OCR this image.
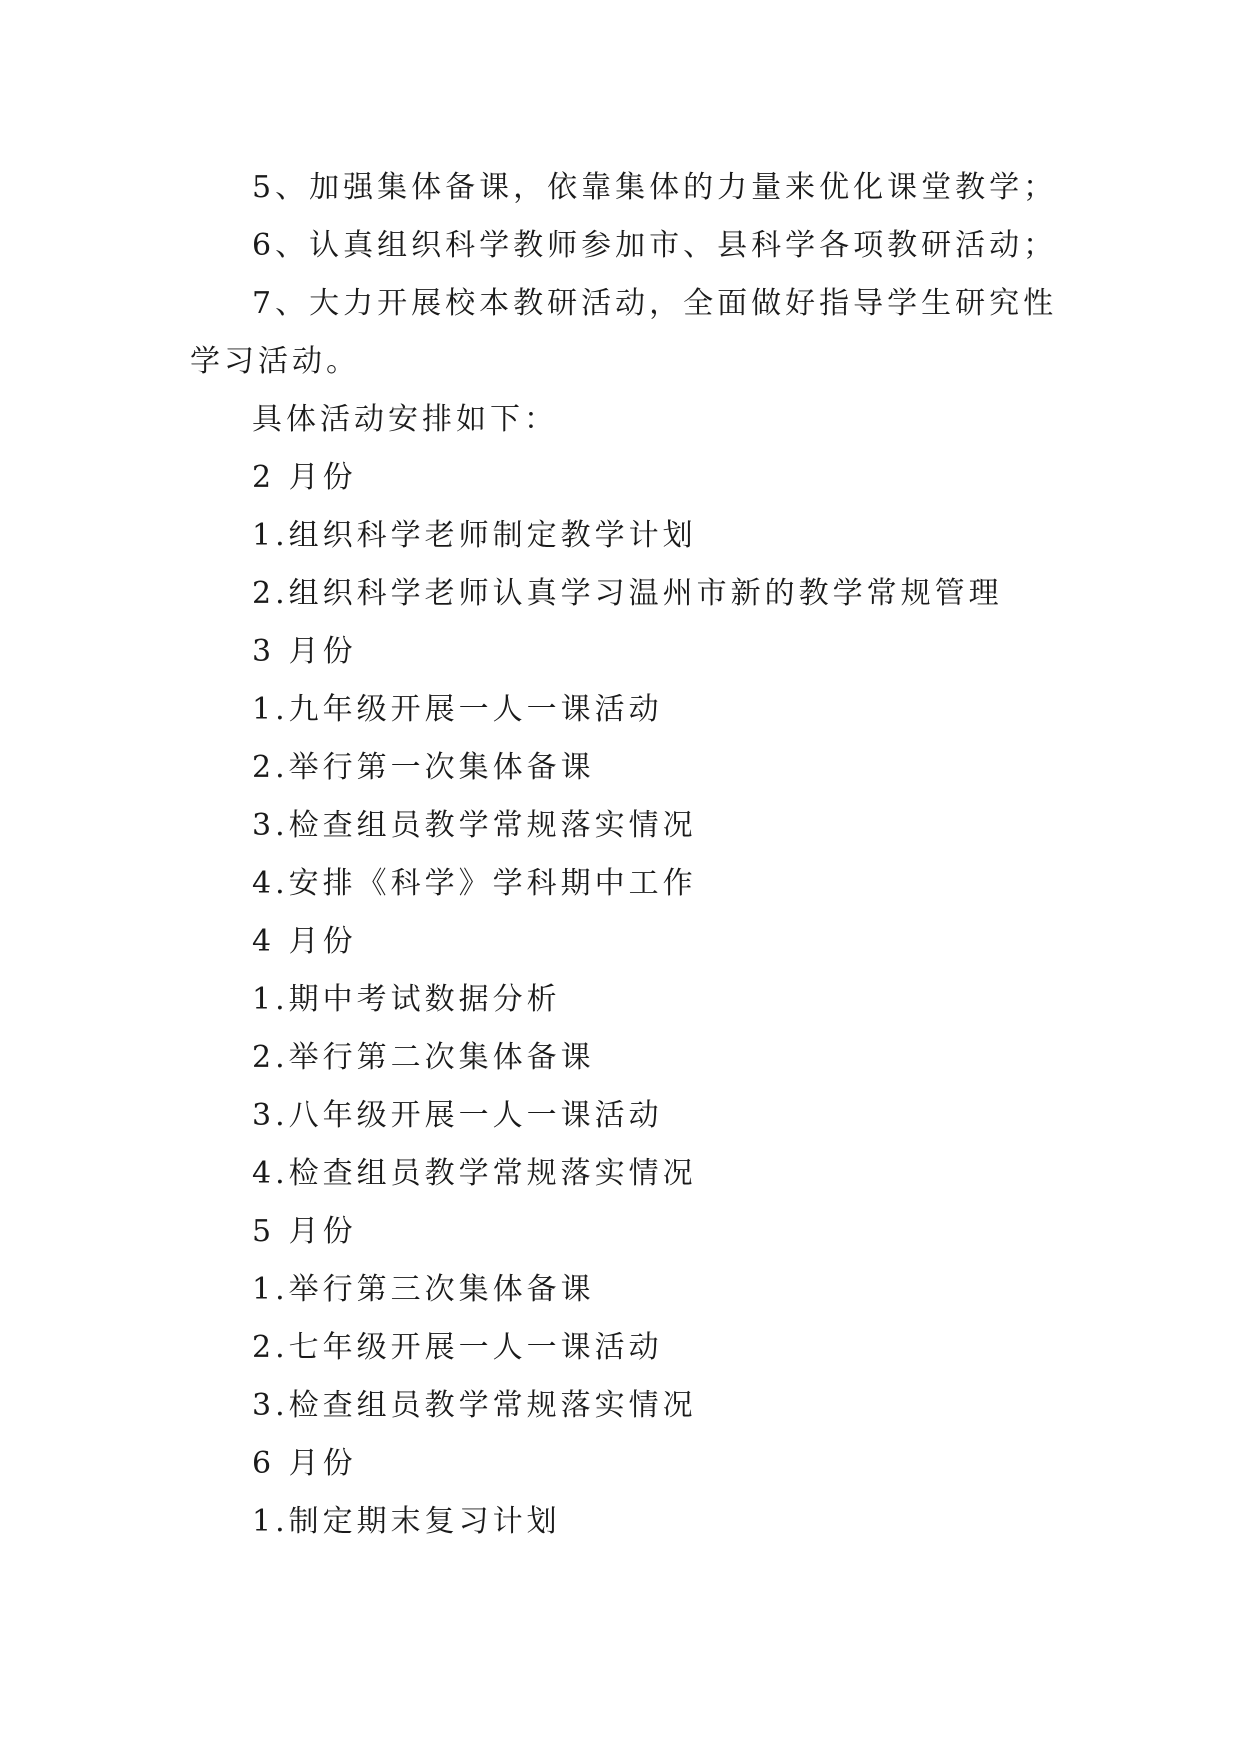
5、加强集体备课，依靠集体的力量来优化课堂教学；
6、认真组织科学教师参加市、县科学各项教研活动；
7、大力开展校本教研活动，全面做好指导学生研究性
学习活动。
具体活动安排如下：
2 月份
1.组织科学老师制定教学计划
2.组织科学老师认真学习温州市新的教学常规管理
3 月份
1.九年级开展一人一课活动
2.举行第一次集体备课
3.检查组员教学常规落实情况
4.安排《科学》学科期中工作
4 月份
1.期中考试数据分析
2.举行第二次集体备课
3.八年级开展一人一课活动
4.检查组员教学常规落实情况
5 月份
1.举行第三次集体备课
2.七年级开展一人一课活动
3.检查组员教学常规落实情况
6 月份
1.制定期末复习计划
